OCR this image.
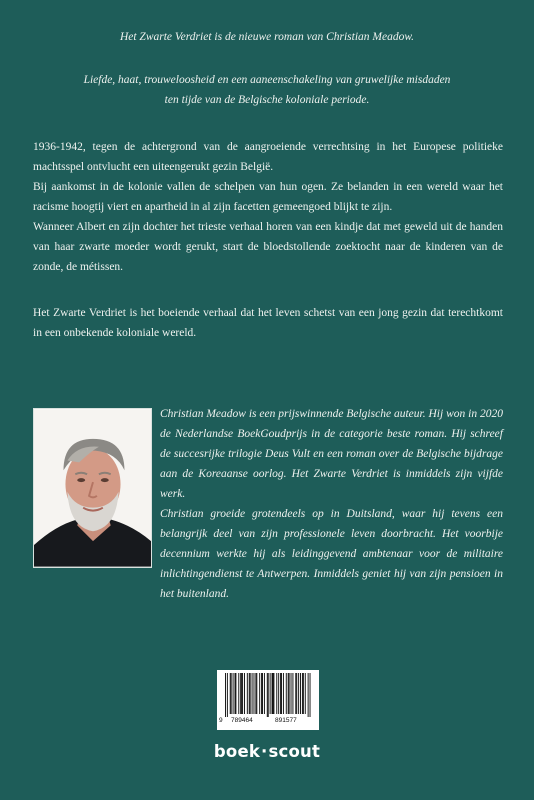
Het Zwarte Verdriet is de nieuwe roman van Christian Meadow.
Liefde, haat, trouweloosheid en een aaneenschakeling van gruwelijke misdaden
ten tijde van de Belgische koloniale periode.

1936-1942, tegen de achtergrond van de aangroeiende verrechtsing in het Europese politieke machtsspel ontvlucht een uiteengerukt gezin België.

Bij aankomst in de kolonie vallen de schelpen van hun ogen. Ze belanden in een wereld waar het racisme hoogtij viert en apartheid in al zijn facetten gemeengoed blijkt te zijn.

Wanneer Albert en zijn dochter het trieste verhaal horen van een kindje dat met geweld uit de handen van haar zwarte moeder wordt gerukt, start de bloedstollende zoektocht naar de kinderen van de zonde, de métissen.

Het Zwarte Verdriet is het boeiende verhaal dat het leven schetst van een jong gezin dat terechtkomt in een onbekende koloniale wereld.

Christian Meadow is een prijswinnende Belgische auteur. Hij won in 2020 de Nederlandse BoekGoudprijs in de categorie beste roman. Hij schreef de succesrijke trilogie Deus Vult en een roman over de Belgische bijdrage aan de Koreaanse oorlog. Het Zwarte Verdriet is inmiddels zijn vijfde werk.

Christian groeide grotendeels op in Duitsland, waar hij tevens een belangrijk deel van zijn professionele leven doorbracht. Het voorbije decennium werkte hij als leidinggevend ambtenaar voor de militaire inlichtingendienst te Antwerpen. Inmiddels geniet hij van zijn pensioen in het buitenland.

9 789464	891577
boek·scout
